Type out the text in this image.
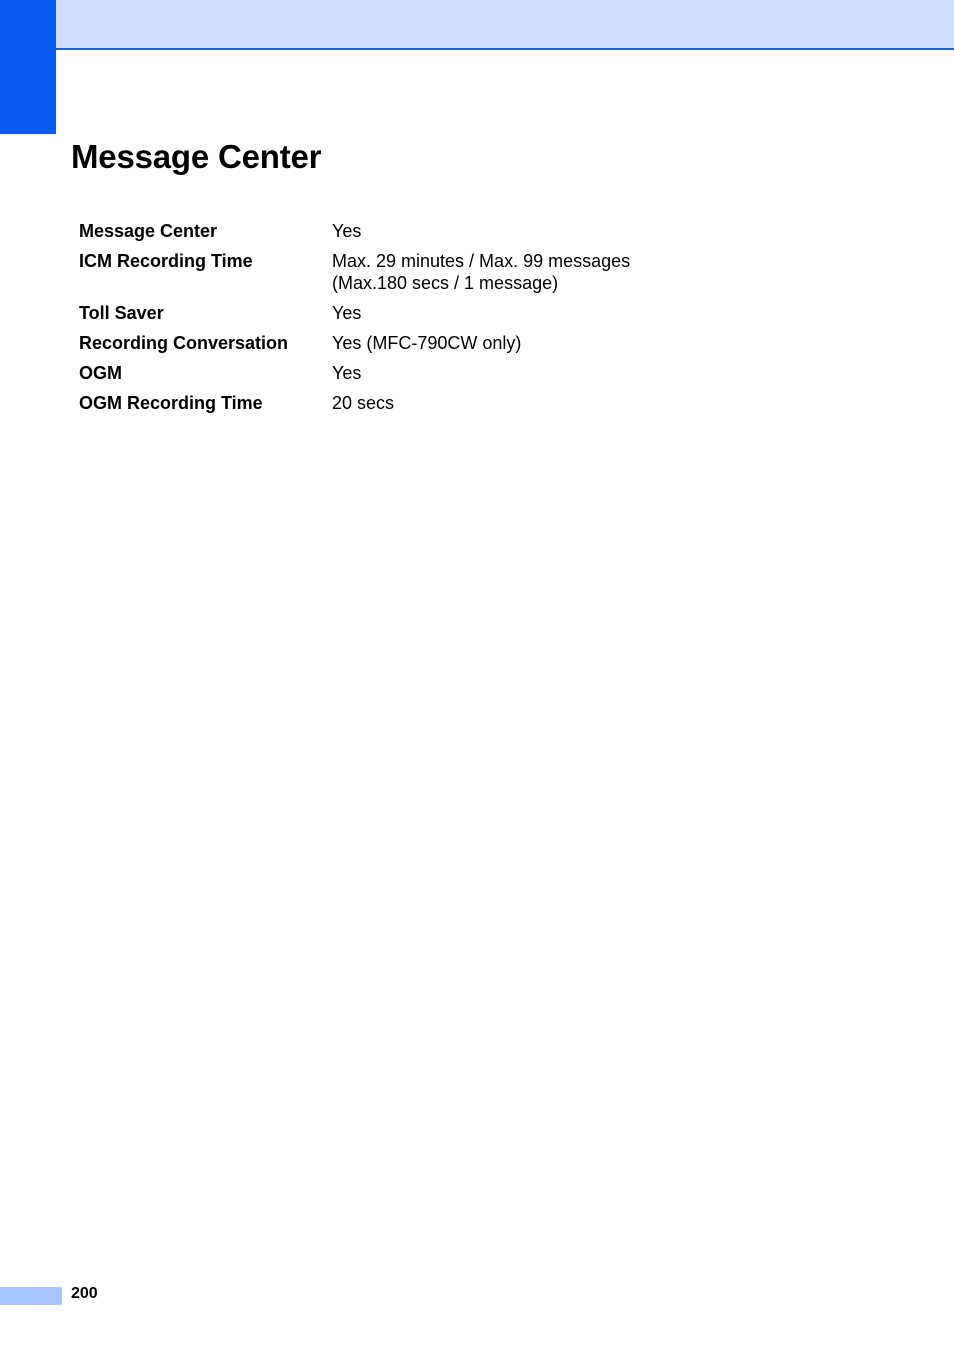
Message Center
Message Center	Yes
ICM Recording Time	Max. 29 minutes / Max. 99 messages
(Max.180 secs / 1 message)
Toll Saver	Yes
Recording Conversation	Yes (MFC-790CW only)
OGM	Yes
OGM Recording Time	20 secs
200
